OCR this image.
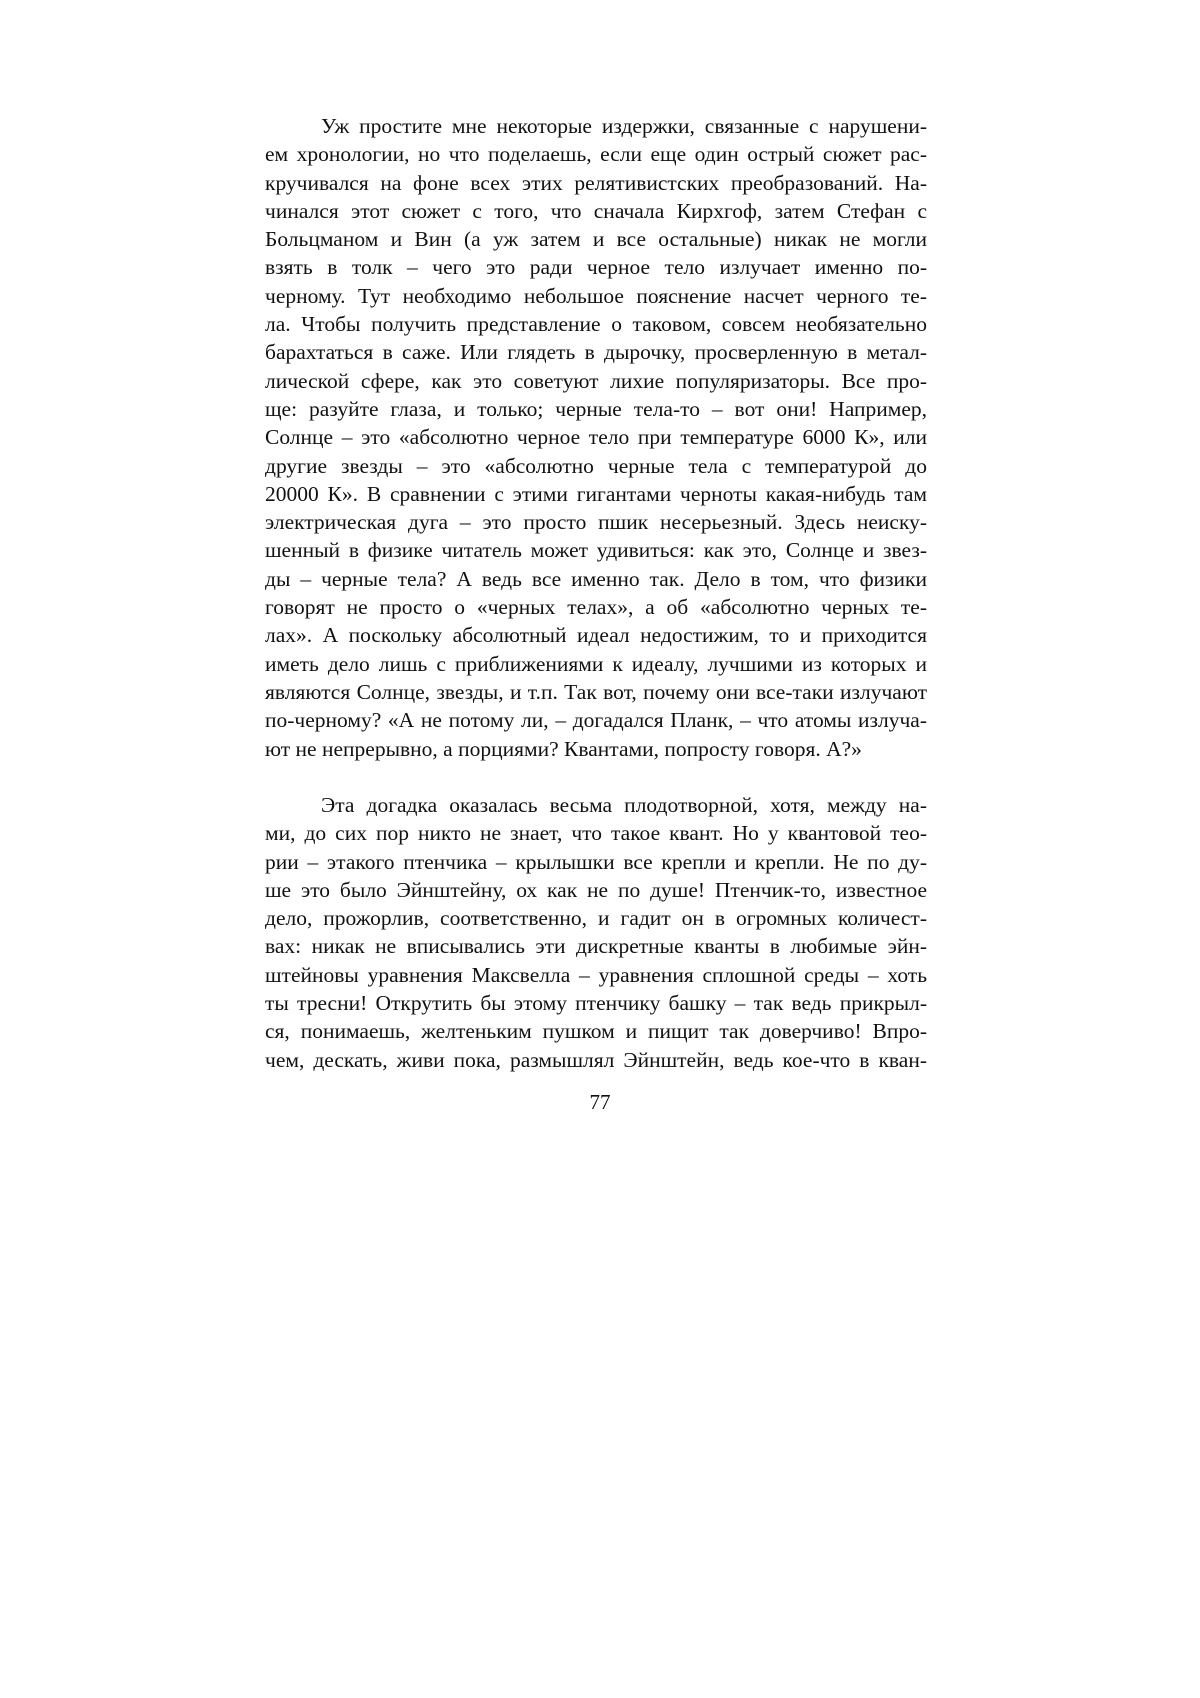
Уж простите мне некоторые издержки, связанные с нарушени-
ем хронологии, но что поделаешь, если еще один острый сюжет рас-
кручивался на фоне всех этих релятивистских преобразований. На-
чинался этот сюжет с того, что сначала Кирхгоф, затем Стефан с
Больцманом и Вин (а уж затем и все остальные) никак не могли
взять в толк – чего это ради черное тело излучает именно по-
черному. Тут необходимо небольшое пояснение насчет черного те-
ла. Чтобы получить представление о таковом, совсем необязательно
барахтаться в саже. Или глядеть в дырочку, просверленную в метал-
лической сфере, как это советуют лихие популяризаторы. Все про-
ще: разуйте глаза, и только; черные тела-то – вот они! Например,
Солнце – это «абсолютно черное тело при температуре 6000 К», или
другие звезды – это «абсолютно черные тела с температурой до
20000 К». В сравнении с этими гигантами черноты какая-нибудь там
электрическая дуга – это просто пшик несерьезный. Здесь неиску-
шенный в физике читатель может удивиться: как это, Солнце и звез-
ды – черные тела? А ведь все именно так. Дело в том, что физики
говорят не просто о «черных телах», а об «абсолютно черных те-
лах». А поскольку абсолютный идеал недостижим, то и приходится
иметь дело лишь с приближениями к идеалу, лучшими из которых и
являются Солнце, звезды, и т.п. Так вот, почему они все-таки излучают
по-черному? «А не потому ли, – догадался Планк, – что атомы излуча-
ют не непрерывно, а порциями? Квантами, попросту говоря. А?»
Эта догадка оказалась весьма плодотворной, хотя, между на-
ми, до сих пор никто не знает, что такое квант. Но у квантовой тео-
рии – этакого птенчика – крылышки все крепли и крепли. Не по ду-
ше это было Эйнштейну, ох как не по душе! Птенчик-то, известное
дело, прожорлив, соответственно, и гадит он в огромных количест-
вах: никак не вписывались эти дискретные кванты в любимые эйн-
штейновы уравнения Максвелла – уравнения сплошной среды – хоть
ты тресни! Открутить бы этому птенчику башку – так ведь прикрыл-
ся, понимаешь, желтеньким пушком и пищит так доверчиво! Впро-
чем, дескать, живи пока, размышлял Эйнштейн, ведь кое-что в кван-
77
